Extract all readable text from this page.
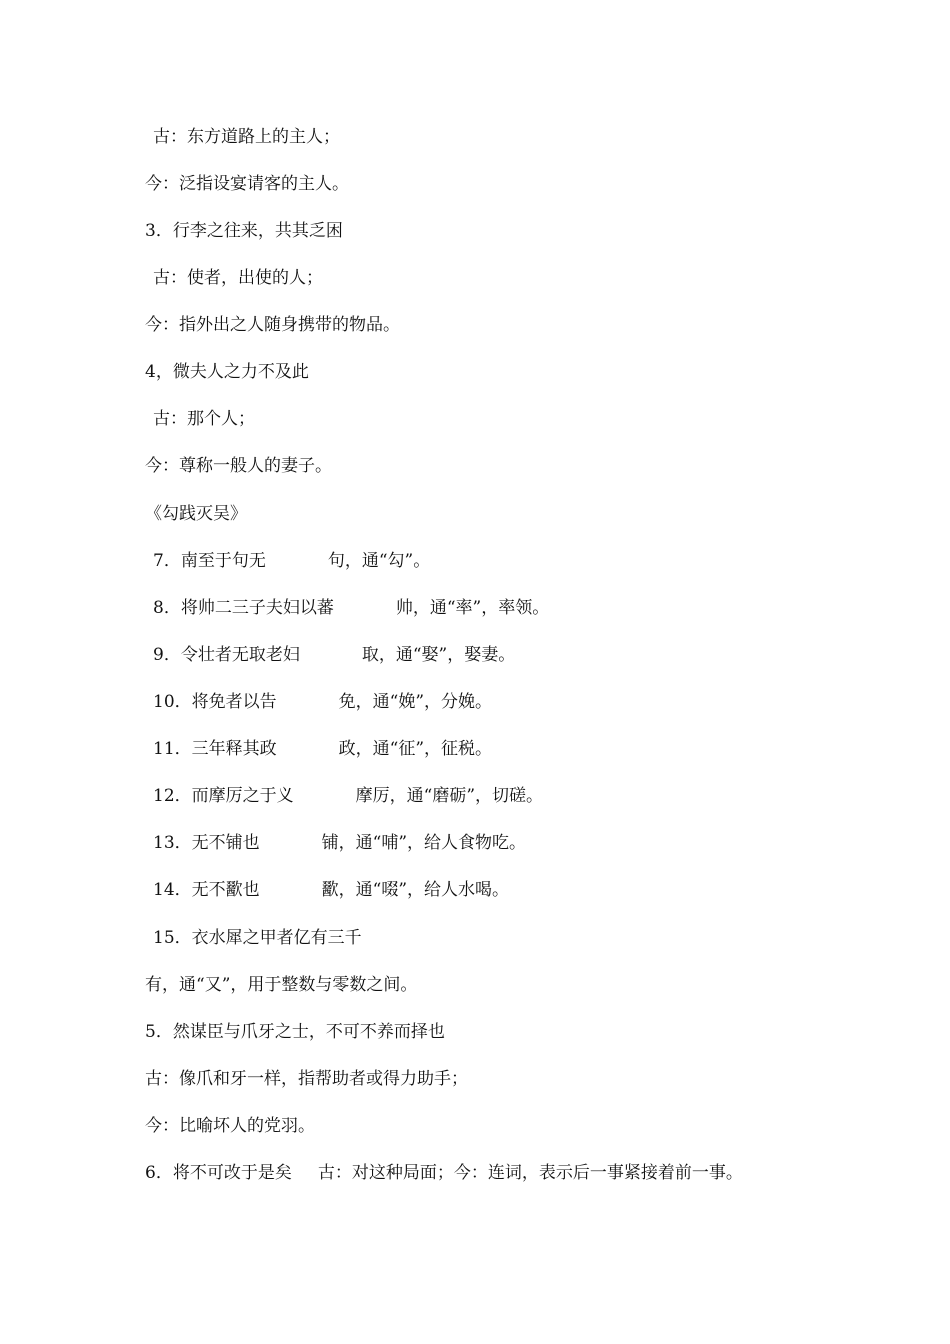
古：东方道路上的主人；
今：泛指设宴请客的主人。
3．行李之往来，共其乏困
古：使者，出使的人；
今：指外出之人随身携带的物品。
4，微夫人之力不及此
古：那个人；
今：尊称一般人的妻子。
《勾践灭吴》
7．南至于句无	句，通“勾”。
8．将帅二三子夫妇以蕃	帅，通“率”，率领。
9．令壮者无取老妇	取，通“娶”，娶妻。
10．将免者以告	免，通“娩”，分娩。
11．三年释其政	政，通“征”，征税。
12．而摩厉之于义	摩厉，通“磨砺”，切磋。
13．无不铺也	铺，通“哺”，给人食物吃。
14．无不歠也	歠，通“啜”，给人水喝。
15．衣水犀之甲者亿有三千
有，通“又”，用于整数与零数之间。
5．然谋臣与爪牙之士，不可不养而择也
古：像爪和牙一样，指帮助者或得力助手；
今：比喻坏人的党羽。
6．将不可改于是矣 古：对这种局面；今：连词，表示后一事紧接着前一事。
